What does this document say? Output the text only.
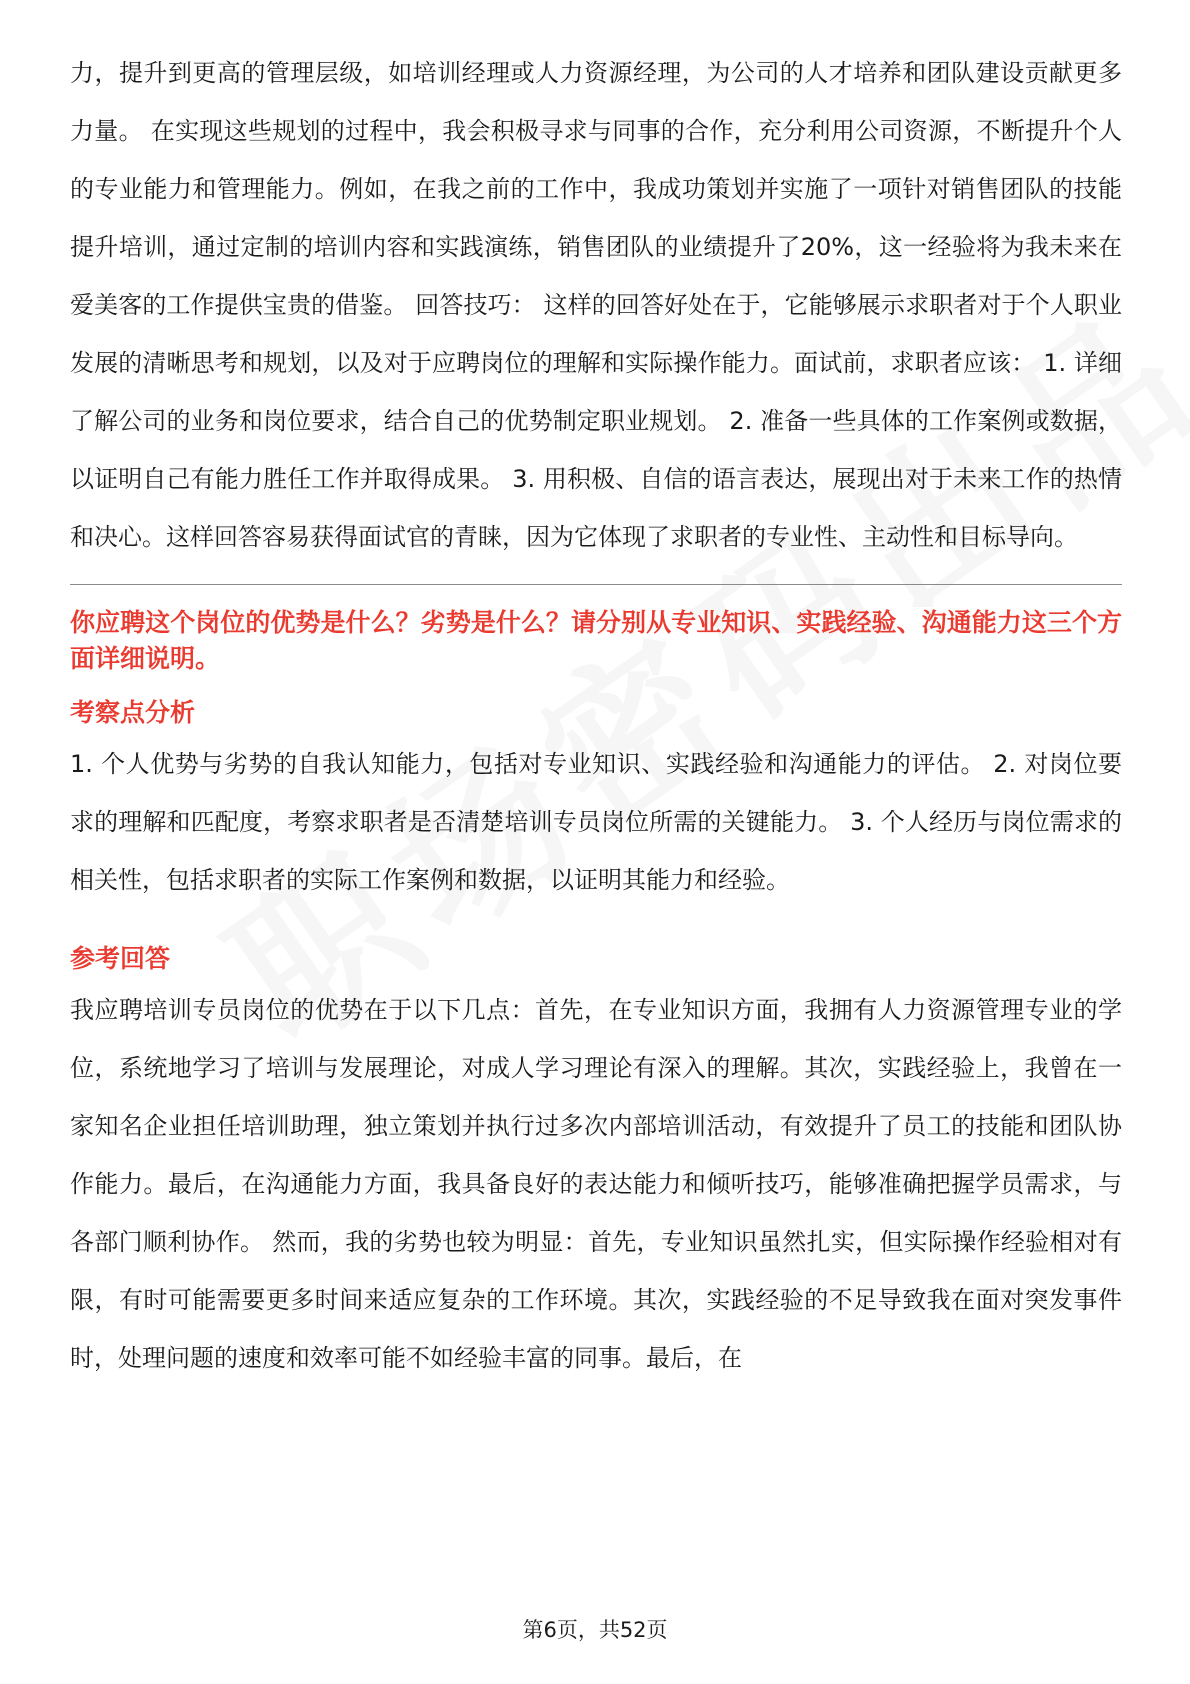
力，提升到更高的管理层级，如培训经理或人力资源经理，为公司的人才培养和团队建设贡献更多力量。 在实现这些规划的过程中，我会积极寻求与同事的合作，充分利用公司资源，不断提升个人的专业能力和管理能力。例如，在我之前的工作中，我成功策划并实施了一项针对销售团队的技能提升培训，通过定制的培训内容和实践演练，销售团队的业绩提升了20%，这一经验将为我未来在爱美客的工作提供宝贵的借鉴。 回答技巧： 这样的回答好处在于，它能够展示求职者对于个人职业发展的清晰思考和规划，以及对于应聘岗位的理解和实际操作能力。面试前，求职者应该： 1. 详细了解公司的业务和岗位要求，结合自己的优势制定职业规划。 2. 准备一些具体的工作案例或数据，以证明自己有能力胜任工作并取得成果。 3. 用积极、自信的语言表达，展现出对于未来工作的热情和决心。这样回答容易获得面试官的青睐，因为它体现了求职者的专业性、主动性和目标导向。

你应聘这个岗位的优势是什么？劣势是什么？请分别从专业知识、实践经验、沟通能力这三个方面详细说明。

考察点分析

1. 个人优势与劣势的自我认知能力，包括对专业知识、实践经验和沟通能力的评估。 2. 对岗位要求的理解和匹配度，考察求职者是否清楚培训专员岗位所需的关键能力。 3. 个人经历与岗位需求的相关性，包括求职者的实际工作案例和数据，以证明其能力和经验。

参考回答

我应聘培训专员岗位的优势在于以下几点：首先，在专业知识方面，我拥有人力资源管理专业的学位，系统地学习了培训与发展理论，对成人学习理论有深入的理解。其次，实践经验上，我曾在一家知名企业担任培训助理，独立策划并执行过多次内部培训活动，有效提升了员工的技能和团队协作能力。最后，在沟通能力方面，我具备良好的表达能力和倾听技巧，能够准确把握学员需求，与各部门顺利协作。 然而，我的劣势也较为明显：首先，专业知识虽然扎实，但实际操作经验相对有限，有时可能需要更多时间来适应复杂的工作环境。其次，实践经验的不足导致我在面对突发事件时，处理问题的速度和效率可能不如经验丰富的同事。最后，在

第6页，共52页
